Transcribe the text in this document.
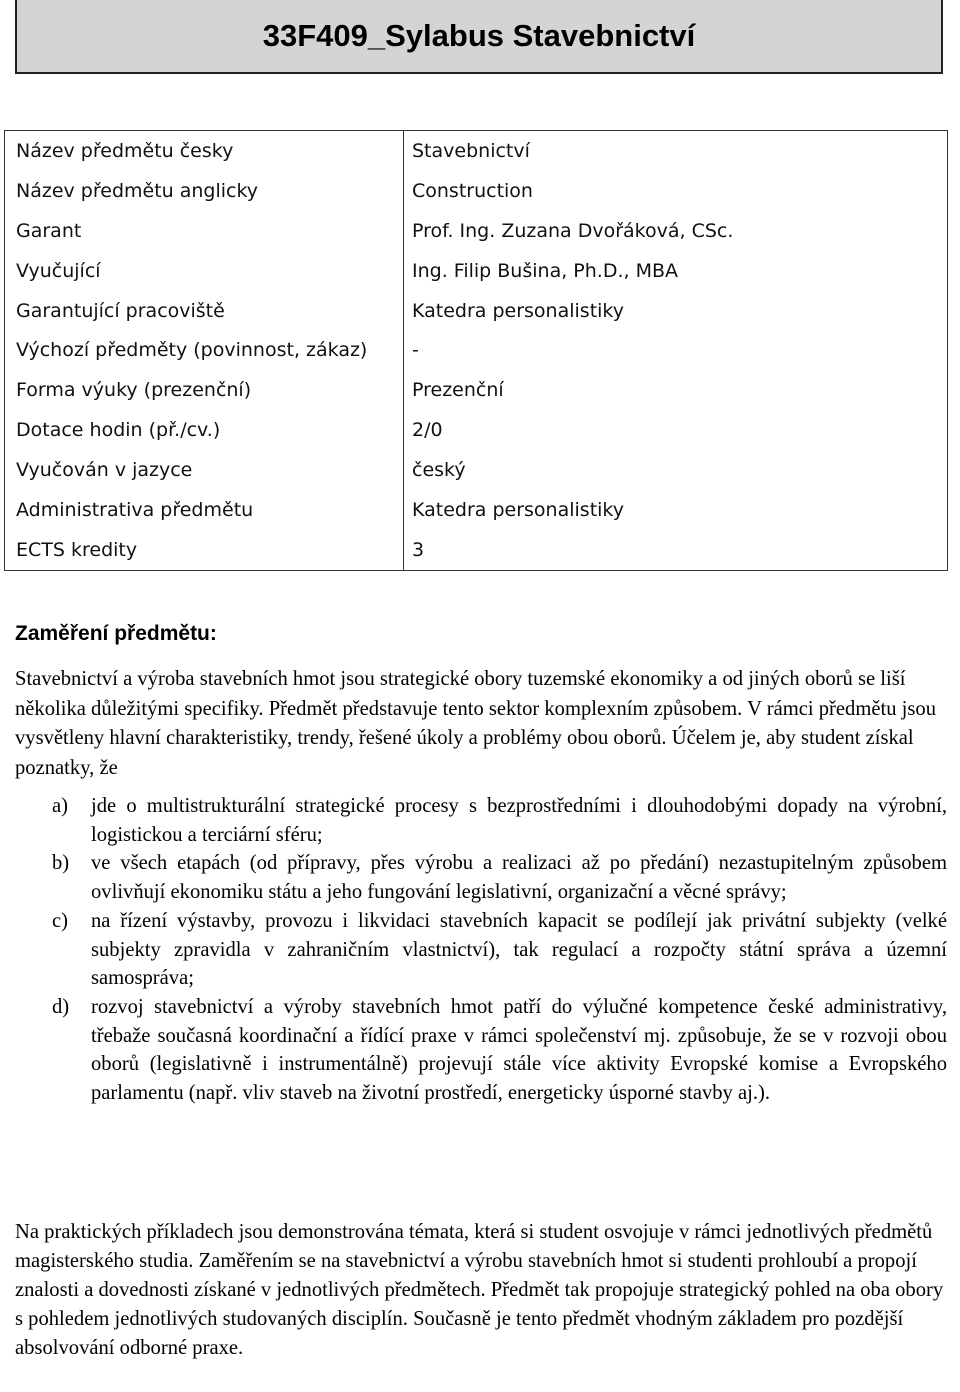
33F409_Sylabus Stavebnictví
Název předmětu česky	Stavebnictví
Název předmětu anglicky	Construction
Garant	Prof. Ing. Zuzana Dvořáková, CSc.
Vyučující	Ing. Filip Bušina, Ph.D., MBA
Garantující pracoviště	Katedra personalistiky
Výchozí předměty (povinnost, zákaz)	-
Forma výuky (prezenční)	Prezenční
Dotace hodin (př./cv.)	2/0
Vyučován v jazyce	český
Administrativa předmětu	Katedra personalistiky
ECTS kredity	3
Zaměření předmětu:

Stavebnictví a výroba stavebních hmot jsou strategické obory tuzemské ekonomiky a od jiných oborů se liší několika důležitými specifiky. Předmět představuje tento sektor komplexním způsobem. V rámci předmětu jsou vysvětleny hlavní charakteristiky, trendy, řešené úkoly a problémy obou oborů. Účelem je, aby student získal poznatky, že

a) jde o multistrukturální strategické procesy s bezprostředními i dlouhodobými dopady na výrobní, logistickou a terciární sféru;
b) ve všech etapách (od přípravy, přes výrobu a realizaci až po předání) nezastupitelným způsobem ovlivňují ekonomiku státu a jeho fungování legislativní, organizační a věcné správy;
c) na řízení výstavby, provozu i likvidaci stavebních kapacit se podílejí jak privátní subjekty (velké subjekty zpravidla v zahraničním vlastnictví), tak regulací a rozpočty státní správa a územní samospráva;
d) rozvoj stavebnictví a výroby stavebních hmot patří do výlučné kompetence české administrativy, třebaže současná koordinační a řídící praxe v rámci společenství mj. způsobuje, že se v rozvoji obou oborů (legislativně i instrumentálně) projevují stále více aktivity Evropské komise a Evropského parlamentu (např. vliv staveb na životní prostředí, energeticky úsporné stavby aj.).

Na praktických příkladech jsou demonstrována témata, která si student osvojuje v rámci jednotlivých předmětů magisterského studia. Zaměřením se na stavebnictví a výrobu stavebních hmot si studenti prohloubí a propojí znalosti a dovednosti získané v jednotlivých předmětech. Předmět tak propojuje strategický pohled na oba obory s pohledem jednotlivých studovaných disciplín. Současně je tento předmět vhodným základem pro pozdější absolvování odborné praxe.
